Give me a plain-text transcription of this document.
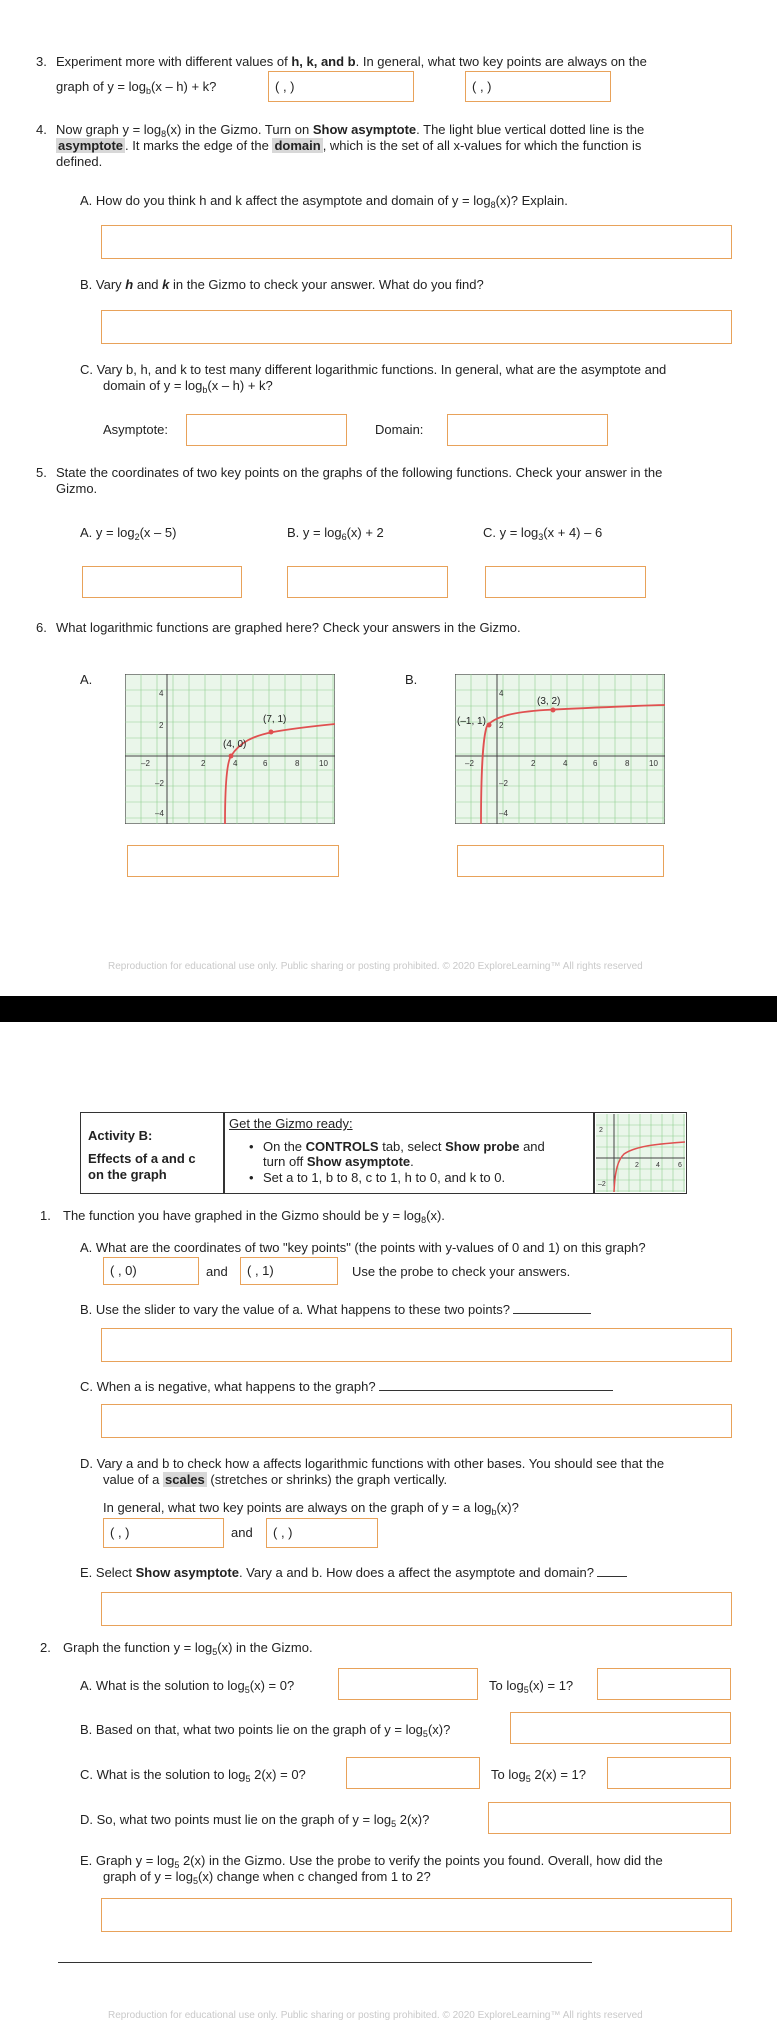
3. Experiment more with different values of h, k, and b. In general, what two key points are always on the
graph of $y = \log_b(x - h) + k$?	( , )	( , )
4. Now graph $y = \log_8(x)$ in the Gizmo. Turn on Show asymptote. The light blue vertical dotted line is the
asymptote . It marks the edge of the domain , which is the set of all x-values for which the function is
defined.
A. How do you think h and k affect the asymptote and domain of $y = \log_8(x)$? Explain.
B. Vary h and k in the Gizmo to check your answer. What do you find?
C. Vary b, h, and k to test many different logarithmic functions. In general, what are the asymptote and
domain of $y = \log_b(x - h) + k$?
Asymptote:	Domain:
5. State the coordinates of two key points on the graphs of the following functions. Check your answer in the
Gizmo.
A. $y = \log_2(x - 5)$	B. $y = \log_6(x) + 2$	C. $y = \log_3(x + 4) - 6$
6. What logarithmic functions are graphed here? Check your answers in the Gizmo.
A.	B.
(4, 0)
(7, 1)
–2	2	4	6	8 10
4
2
–2
–4
(–1, 1)
(3, 2)
–2	2	4	6	8 10
4
2
–2
–4
Reproduction for educational use only. Public sharing or posting prohibited. © 2020 ExploreLearning™ All rights reserved
Activity B:
Effects of a and c
on the graph
Get the Gizmo ready:
• On the CONTROLS tab, select Show probe and
turn off Show asymptote.
• Set a to 1, b to 8, c to 1, h to 0, and k to 0.
2
–2
2 4	6
1. The function you have graphed in the Gizmo should be $y = \log_8(x)$.
A. What are the coordinates of two "key points" (the points with y-values of 0 and 1) on this graph?
( , 0)	and ( , 1)	Use the probe to check your answers.
B. Use the slider to vary the value of a. What happens to these two points?
C. When a is negative, what happens to the graph?
D. Vary a and b to check how a affects logarithmic functions with other bases. You should see that the
value of a scales (stretches or shrinks) the graph vertically.
In general, what two key points are always on the graph of y = a $\log_b(x)$?
( , )	and ( , )
E. Select Show asymptote. Vary a and b. How does a affect the asymptote and domain?
2. Graph the function $y = \log_5(x)$ in the Gizmo.
A. What is the solution to $\log_5(x) = 0$?	To $\log_5(x) = 1$?
B. Based on that, what two points lie on the graph of $y = \log_5(x)$?
C. What is the solution to $\log_5 2(x) = 0$?	To $\log_5 2(x) = 1$?
D. So, what two points must lie on the graph of $y = \log_5 2(x)$?
E. Graph $y = \log_5 2(x)$ in the Gizmo. Use the probe to verify the points you found. Overall, how did the
graph of $y = \log_5(x)$ change when c changed from 1 to 2?
Reproduction for educational use only. Public sharing or posting prohibited. © 2020 ExploreLearning™ All rights reserved
